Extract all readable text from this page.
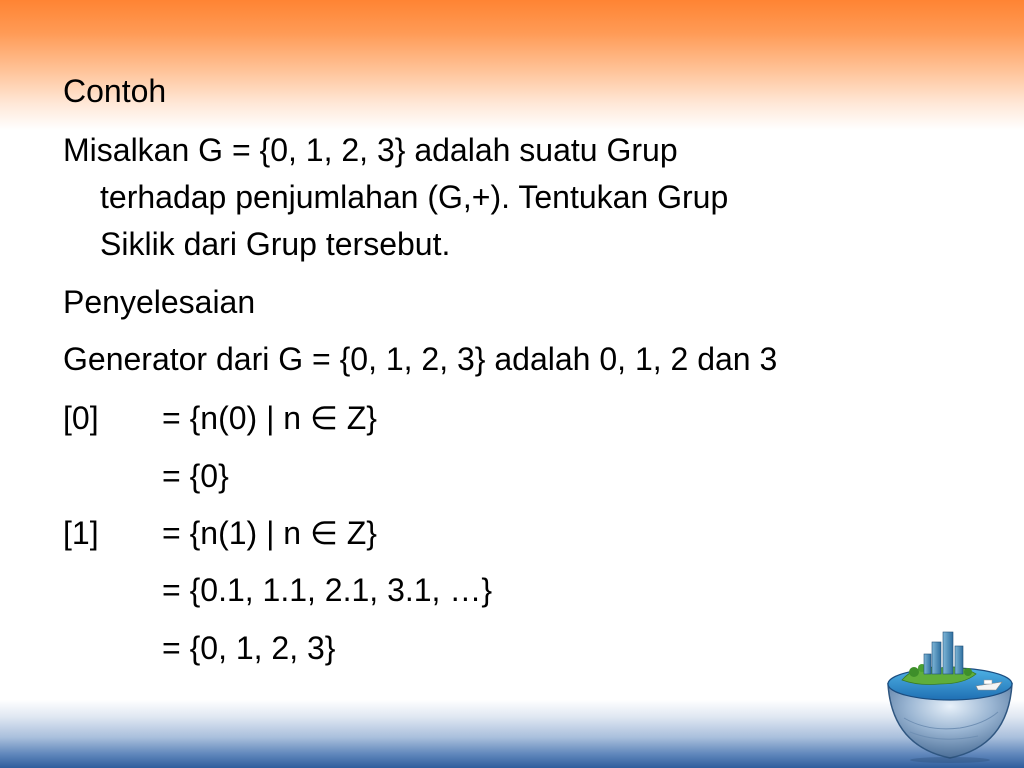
Contoh
Misalkan G = {0, 1, 2, 3} adalah suatu Grup
terhadap penjumlahan (G,+). Tentukan Grup
Siklik dari Grup tersebut.
Penyelesaian
Generator dari G = {0, 1, 2, 3} adalah 0, 1, 2 dan 3
[0] = {n(0) | n ∈ Z}
= {0}
[1] = {n(1) | n ∈ Z}
= {0.1, 1.1, 2.1, 3.1, …}
= {0, 1, 2, 3}
